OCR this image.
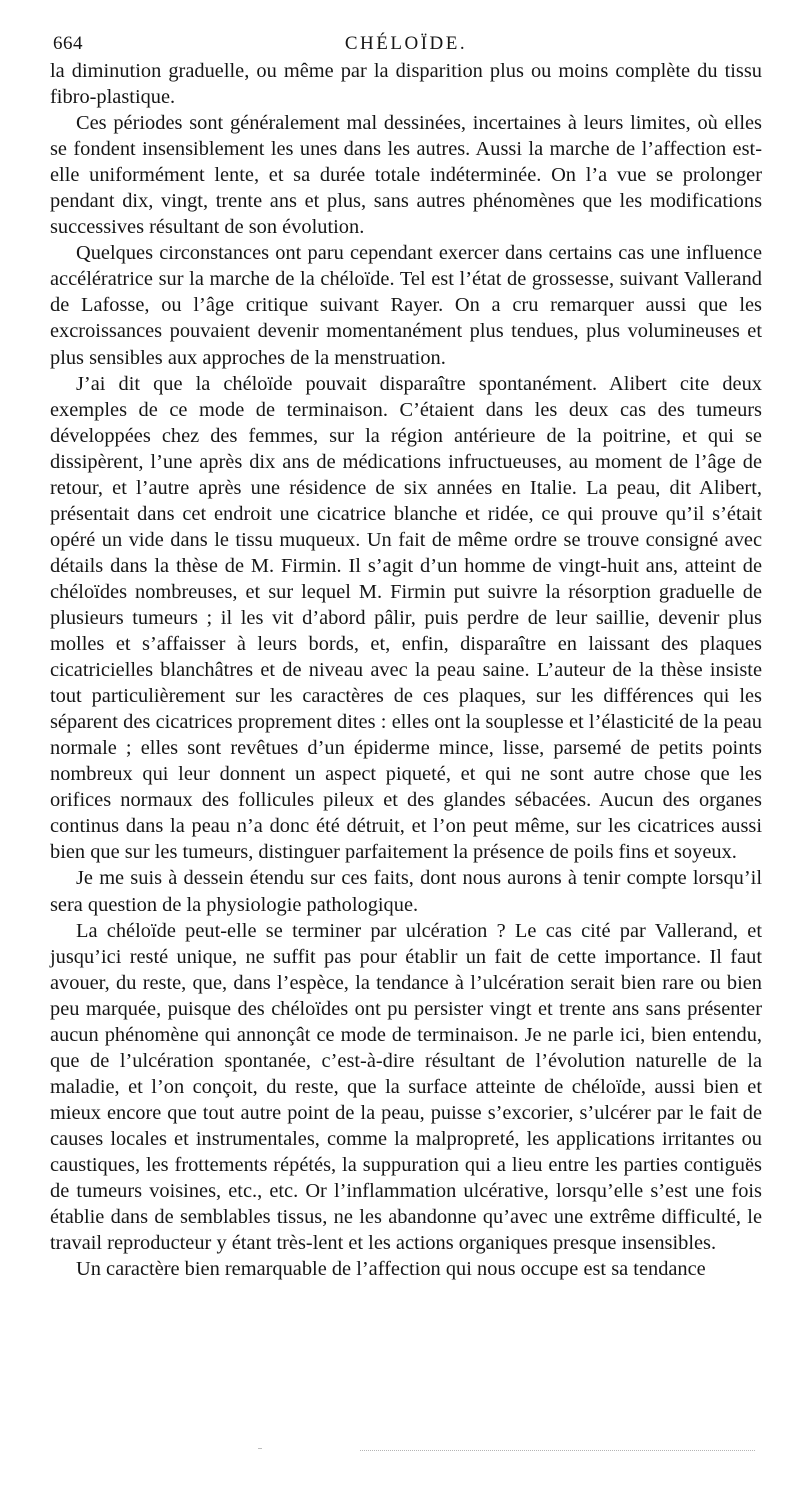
664	CHÉLOÏDE.

la diminution graduelle, ou même par la disparition plus ou moins complète du tissu fibro-plastique.

Ces périodes sont généralement mal dessinées, incertaines à leurs limites, où elles se fondent insensiblement les unes dans les autres. Aussi la marche de l’affection est-elle uniformément lente, et sa durée totale indéterminée. On l’a vue se prolonger pendant dix, vingt, trente ans et plus, sans autres phénomènes que les modifications successives résultant de son évolution.

Quelques circonstances ont paru cependant exercer dans certains cas une influence accélératrice sur la marche de la chéloïde. Tel est l’état de grossesse, suivant Vallerand de Lafosse, ou l’âge critique suivant Rayer. On a cru remarquer aussi que les excroissances pouvaient devenir momentanément plus tendues, plus volumineuses et plus sensibles aux approches de la menstruation.

J’ai dit que la chéloïde pouvait disparaître spontanément. Alibert cite deux exemples de ce mode de terminaison. C’étaient dans les deux cas des tumeurs développées chez des femmes, sur la région antérieure de la poitrine, et qui se dissipèrent, l’une après dix ans de médications infructueuses, au moment de l’âge de retour, et l’autre après une résidence de six années en Italie. La peau, dit Alibert, présentait dans cet endroit une cicatrice blanche et ridée, ce qui prouve qu’il s’était opéré un vide dans le tissu muqueux. Un fait de même ordre se trouve consigné avec détails dans la thèse de M. Firmin. Il s’agit d’un homme de vingt-huit ans, atteint de chéloïdes nombreuses, et sur lequel M. Firmin put suivre la résorption graduelle de plusieurs tumeurs ; il les vit d’abord pâlir, puis perdre de leur saillie, devenir plus molles et s’affaisser à leurs bords, et, enfin, disparaître en laissant des plaques cicatricielles blanchâtres et de niveau avec la peau saine. L’auteur de la thèse insiste tout particulièrement sur les caractères de ces plaques, sur les différences qui les séparent des cicatrices proprement dites : elles ont la souplesse et l’élasticité de la peau normale ; elles sont revêtues d’un épiderme mince, lisse, parsemé de petits points nombreux qui leur donnent un aspect piqueté, et qui ne sont autre chose que les orifices normaux des follicules pileux et des glandes sébacées. Aucun des organes continus dans la peau n’a donc été détruit, et l’on peut même, sur les cicatrices aussi bien que sur les tumeurs, distinguer parfaitement la présence de poils fins et soyeux.

Je me suis à dessein étendu sur ces faits, dont nous aurons à tenir compte lorsqu’il sera question de la physiologie pathologique.

La chéloïde peut-elle se terminer par ulcération ? Le cas cité par Vallerand, et jusqu’ici resté unique, ne suffit pas pour établir un fait de cette importance. Il faut avouer, du reste, que, dans l’espèce, la tendance à l’ulcération serait bien rare ou bien peu marquée, puisque des chéloïdes ont pu persister vingt et trente ans sans présenter aucun phénomène qui annonçât ce mode de terminaison. Je ne parle ici, bien entendu, que de l’ulcération spontanée, c’est-à-dire résultant de l’évolution naturelle de la maladie, et l’on conçoit, du reste, que la surface atteinte de chéloïde, aussi bien et mieux encore que tout autre point de la peau, puisse s’excorier, s’ulcérer par le fait de causes locales et instrumentales, comme la malpropreté, les applications irritantes ou caustiques, les frottements répétés, la suppuration qui a lieu entre les parties contiguës de tumeurs voisines, etc., etc. Or l’inflammation ulcérative, lorsqu’elle s’est une fois établie dans de semblables tissus, ne les abandonne qu’avec une extrême difficulté, le travail reproducteur y étant très-lent et les actions organiques presque insensibles.

Un caractère bien remarquable de l’affection qui nous occupe est sa tendance
